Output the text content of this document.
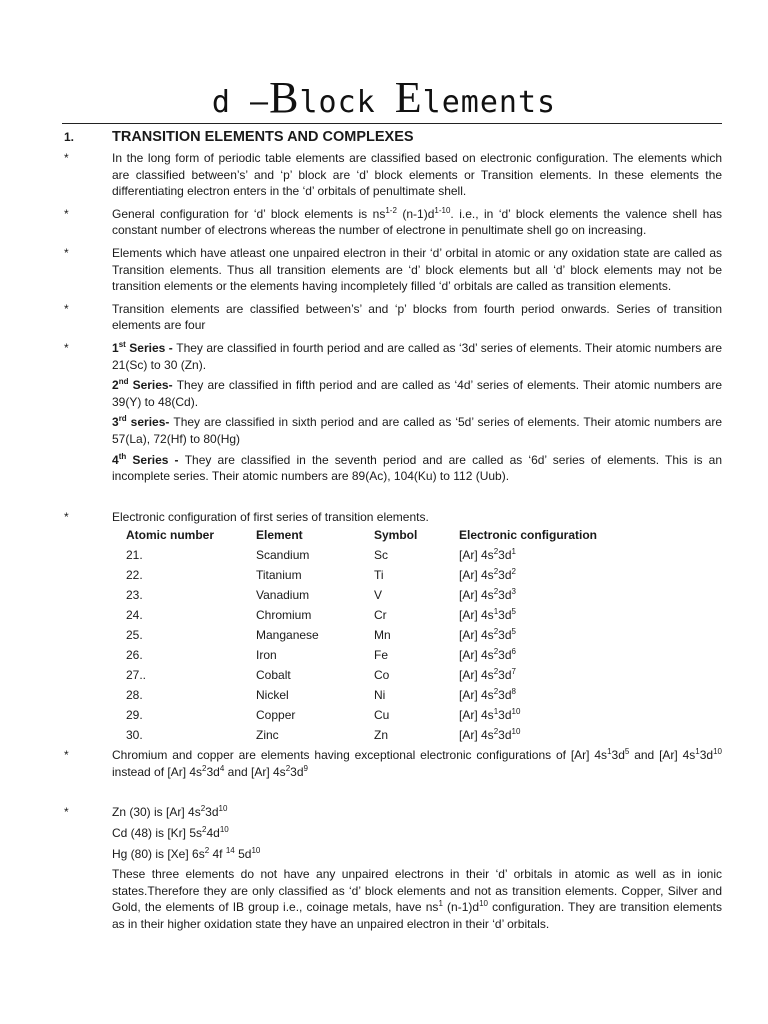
d –Block Elements
1.	TRANSITION ELEMENTS AND COMPLEXES
*	In the long form of periodic table elements are classified based on electronic configuration. The elements which are classified between’s’ and ‘p’ block are ‘d’ block elements or Transition elements. In these elements the differentiating electron enters in the ‘d’ orbitals of penultimate shell.
*	General configuration for ‘d’ block elements is $ns^{1-2}$ $(n-1)d^{1-10}$. i.e., in ‘d’ block elements the valence shell has constant number of electrons whereas the number of electrone in penultimate shell go on increasing.
*	Elements which have atleast one unpaired electron in their ‘d’ orbital in atomic or any oxidation state are called as Transition elements. Thus all transition elements are ‘d’ block elements but all ‘d’ block elements may not be transition elements or the elements having incompletely filled ‘d’ orbitals are called as transition elements.
*	Transition elements are classified between’s’ and ‘p’ blocks from fourth period onwards. Series of transition elements are four
*	1st Series - They are classified in fourth period and are called as ‘3d’ series of elements. Their atomic numbers are 21(Sc) to 30 (Zn).
2nd Series- They are classified in fifth period and are called as ‘4d’ series of elements. Their atomic numbers are 39(Y) to 48(Cd).
3rd series- They are classified in sixth period and are called as ‘5d’ series of elements. Their atomic numbers are 57(La), 72(Hf) to 80(Hg)
4th Series - They are classified in the seventh period and are called as ‘6d’ series of elements. This is an incomplete series. Their atomic numbers are 89(Ac), 104(Ku) to 112 (Uub).
*	Electronic configuration of first series of transition elements.
Atomic number	Element	Symbol	Electronic configuration
21.	Scandium	Sc	[Ar] $4s^23d^1$
22.	Titanium	Ti	[Ar] $4s^23d^2$
23.	Vanadium	V	[Ar] $4s^23d^3$
24.	Chromium	Cr	[Ar] $4s^13d^5$
25.	Manganese	Mn	[Ar] $4s^23d^5$
26.	Iron	Fe	[Ar] $4s^23d^6$
27..	Cobalt	Co	[Ar] $4s^23d^7$
28.	Nickel	Ni	[Ar] $4s^23d^8$
29.	Copper	Cu	[Ar] $4s^13d^{10}$
30.	Zinc	Zn	[Ar] $4s^23d^{10}$
*	Chromium and copper are elements having exceptional electronic configurations of [Ar] $4s^13d^5$ and [Ar] $4s^13d^{10}$ instead of [Ar] $4s^23d^4$ and [Ar] $4s^23d^9$
*	Zn (30) is [Ar] $4s^23d^{10}$
Cd (48) is [Kr] $5s^24d^{10}$
Hg (80) is [Xe] $6s^2$ 4f $^{14}$ $5d^{10}$
These three elements do not have any unpaired electrons in their ‘d’ orbitals in atomic as well as in ionic states.Therefore they are only classified as ‘d’ block elements and not as transition elements. Copper, Silver and Gold, the elements of IB group i.e., coinage metals, have $ns^1$ $(n-1)d^{10}$ configuration. They are transition elements as in their higher oxidation state they have an unpaired electron in their ‘d’ orbitals.
